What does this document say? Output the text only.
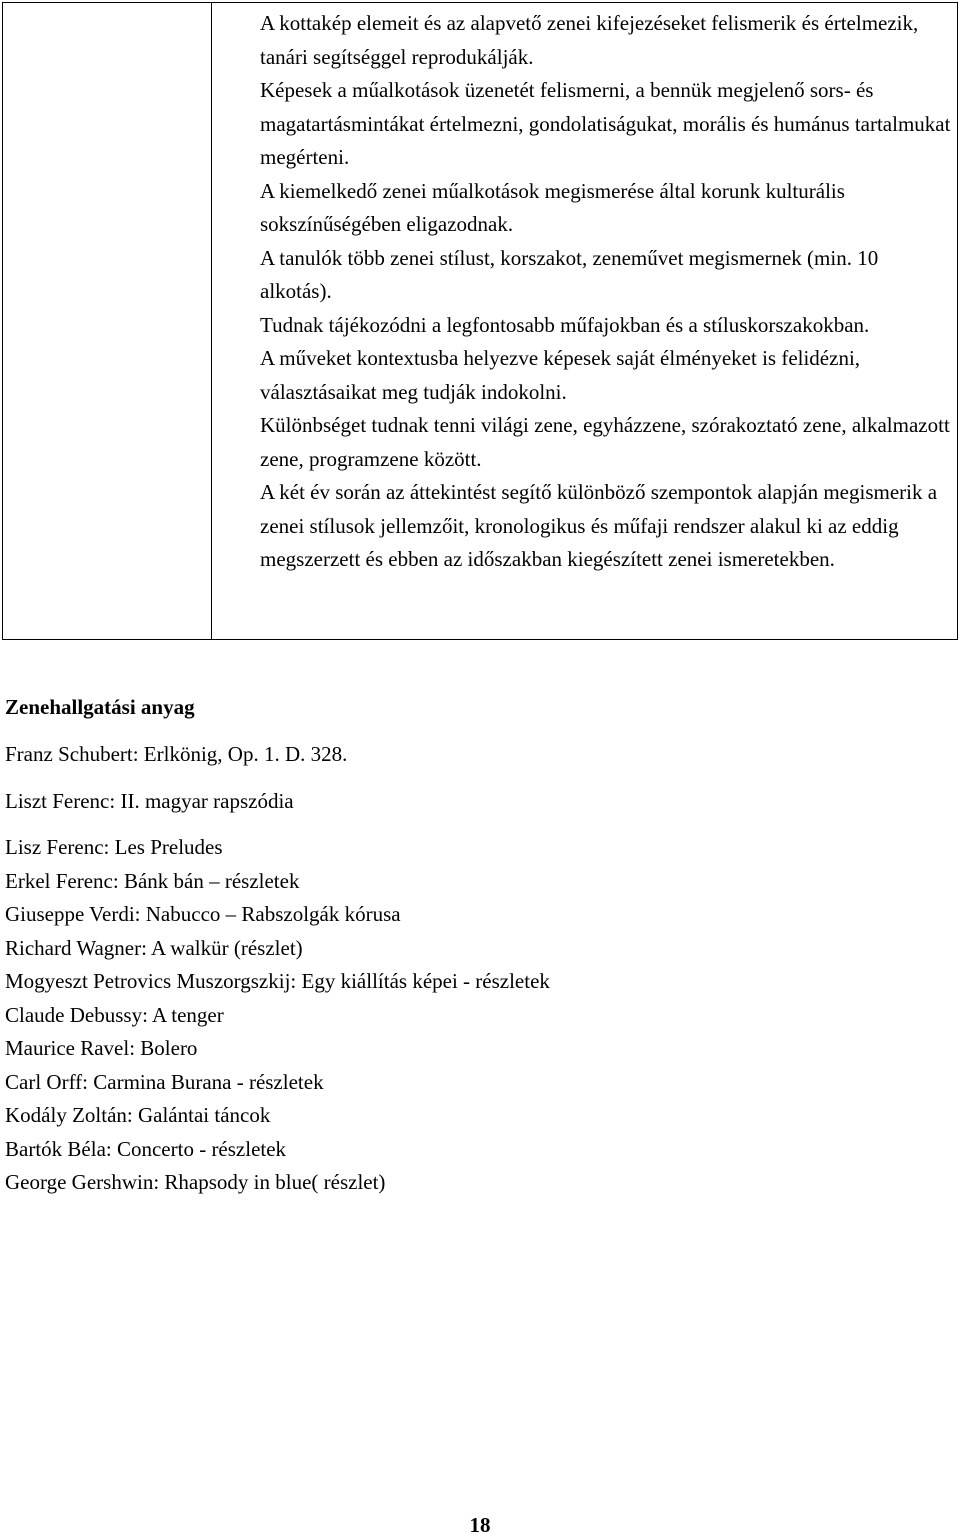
A kottakép elemeit és az alapvető zenei kifejezéseket felismerik és értelmezik, tanári segítséggel reprodukálják.
Képesek a műalkotások üzenetét felismerni, a bennük megjelenő sors- és magatartásmintákat értelmezni, gondolatiságukat, morális és humánus tartalmukat megérteni.
A kiemelkedő zenei műalkotások megismerése által korunk kulturális sokszínűségében eligazodnak.
A tanulók több zenei stílust, korszakot, zeneművet megismernek (min. 10 alkotás).
Tudnak tájékozódni a legfontosabb műfajokban és a stíluskorszakokban.
A műveket kontextusba helyezve képesek saját élményeket is felidézni, választásaikat meg tudják indokolni.
Különbséget tudnak tenni világi zene, egyházzene, szórakoztató zene, alkalmazott zene, programzene között.
A két év során az áttekintést segítő különböző szempontok alapján megismerik a zenei stílusok jellemzőit, kronologikus és műfaji rendszer alakul ki az eddig megszerzett és ebben az időszakban kiegészített zenei ismeretekben.
Zenehallgatási anyag
Franz Schubert: Erlkönig, Op. 1. D. 328.
Liszt Ferenc: II. magyar rapszódia
Lisz Ferenc: Les Preludes
Erkel Ferenc: Bánk bán – részletek
Giuseppe Verdi: Nabucco – Rabszolgák kórusa
Richard Wagner: A walkür (részlet)
Mogyeszt Petrovics Muszorgszkij: Egy kiállítás képei - részletek
Claude Debussy: A tenger
Maurice Ravel: Bolero
Carl Orff: Carmina Burana - részletek
Kodály Zoltán: Galántai táncok
Bartók Béla: Concerto - részletek
George Gershwin: Rhapsody in blue( részlet)
18
